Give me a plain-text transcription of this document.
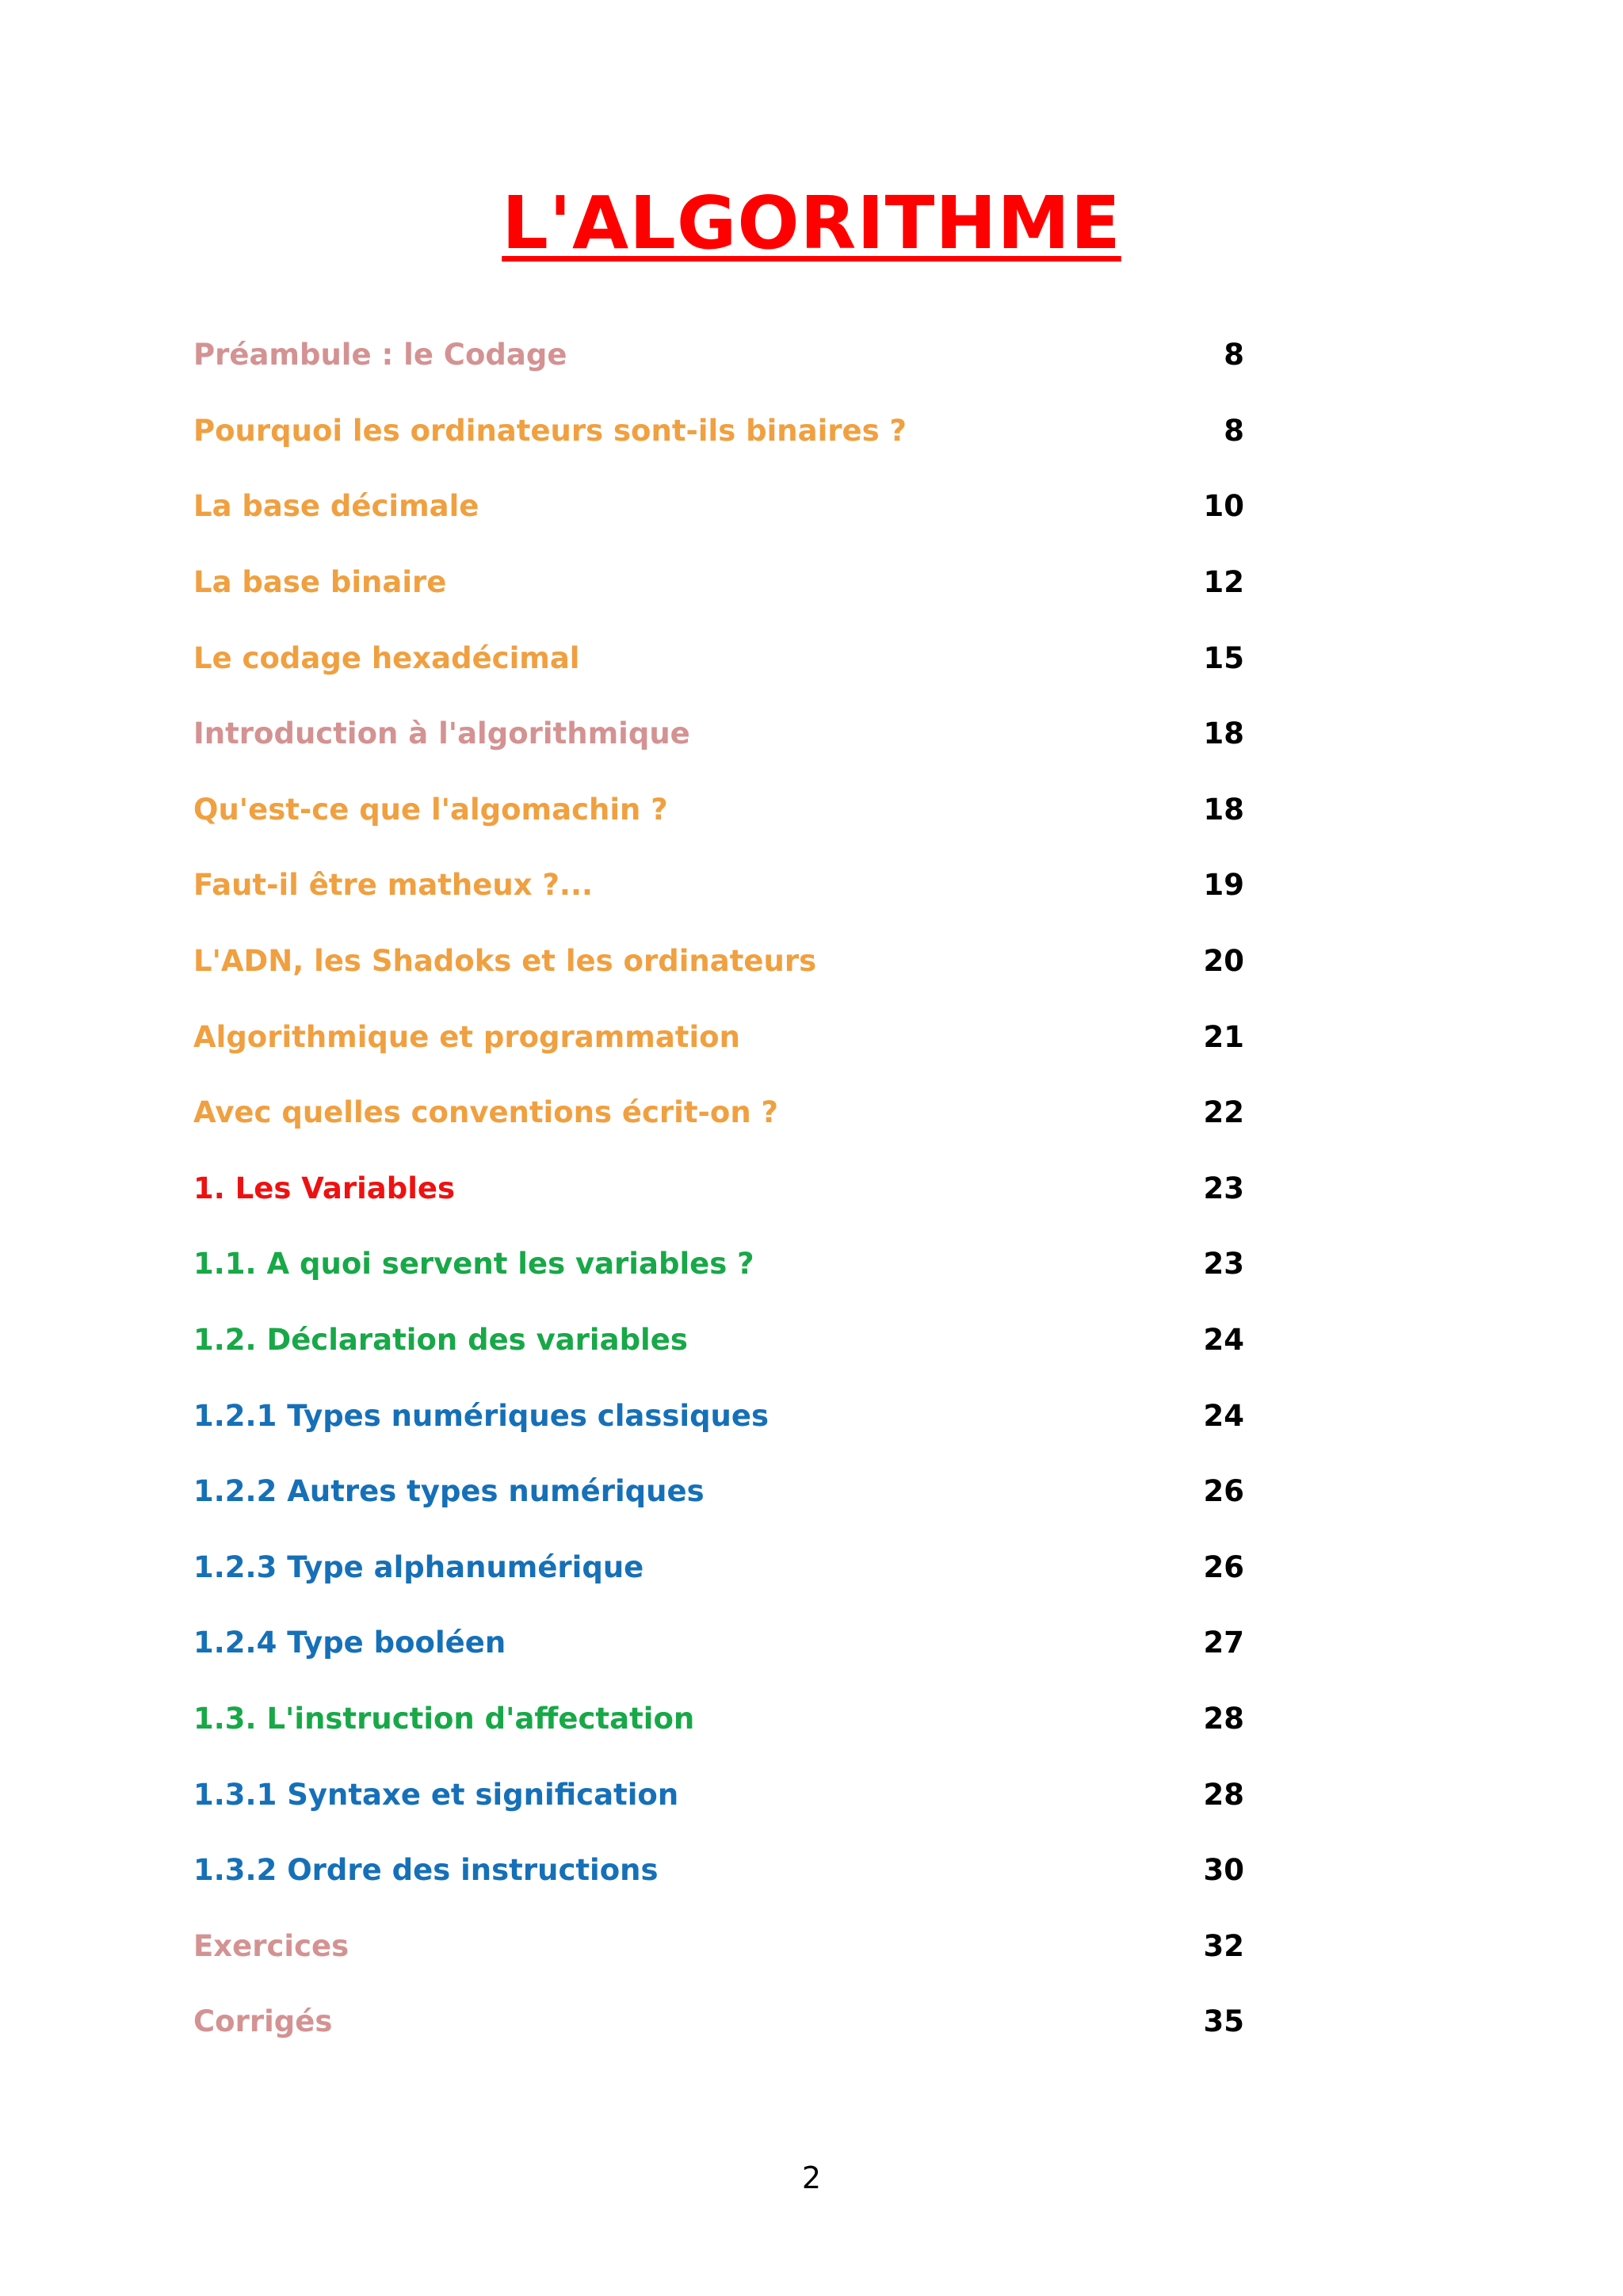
L'ALGORITHME
Préambule : le Codage	8
Pourquoi les ordinateurs sont-ils binaires ?	8
La base décimale	10
La base binaire	12
Le codage hexadécimal	15
Introduction à l'algorithmique	18
Qu'est-ce que l'algomachin ?	18
Faut-il être matheux ?...	19
L'ADN, les Shadoks et les ordinateurs	20
Algorithmique et programmation	21
Avec quelles conventions écrit-on ?	22
1. Les Variables	23
1.1. A quoi servent les variables ?	23
1.2. Déclaration des variables	24
1.2.1 Types numériques classiques	24
1.2.2 Autres types numériques	26
1.2.3 Type alphanumérique	26
1.2.4 Type booléen	27
1.3. L'instruction d'affectation	28
1.3.1 Syntaxe et signification	28
1.3.2 Ordre des instructions	30
Exercices	32
Corrigés	35
2
